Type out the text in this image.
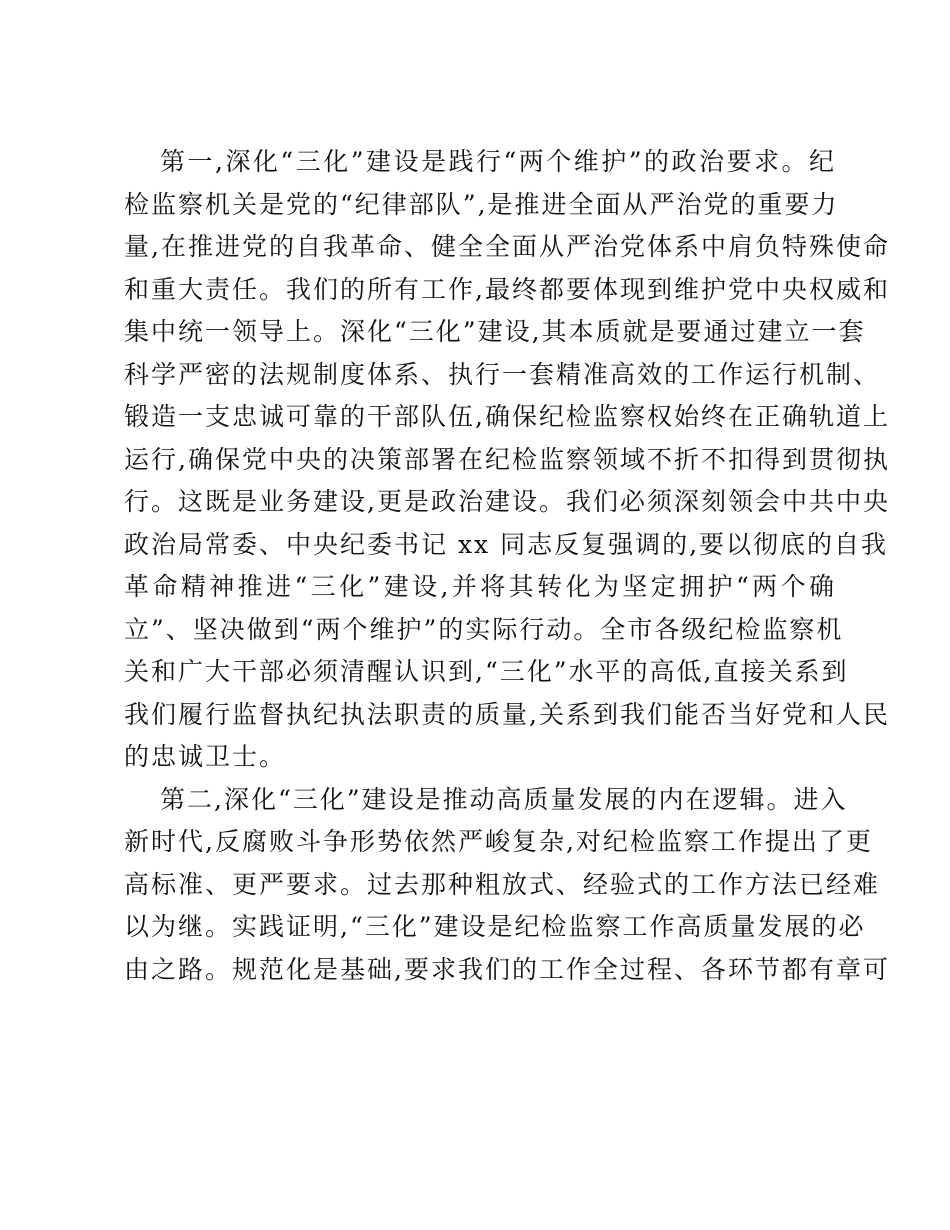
第一,深化“三化”建设是践行“两个维护”的政治要求。纪
检监察机关是党的“纪律部队”,是推进全面从严治党的重要力
量,在推进党的自我革命、健全全面从严治党体系中肩负特殊使命
和重大责任。我们的所有工作,最终都要体现到维护党中央权威和
集中统一领导上。深化“三化”建设,其本质就是要通过建立一套
科学严密的法规制度体系、执行一套精准高效的工作运行机制、
锻造一支忠诚可靠的干部队伍,确保纪检监察权始终在正确轨道上
运行,确保党中央的决策部署在纪检监察领域不折不扣得到贯彻执
行。这既是业务建设,更是政治建设。我们必须深刻领会中共中央
政治局常委、中央纪委书记 xx 同志反复强调的,要以彻底的自我
革命精神推进“三化”建设,并将其转化为坚定拥护“两个确
立”、坚决做到“两个维护”的实际行动。全市各级纪检监察机
关和广大干部必须清醒认识到,“三化”水平的高低,直接关系到
我们履行监督执纪执法职责的质量,关系到我们能否当好党和人民
的忠诚卫士。
第二,深化“三化”建设是推动高质量发展的内在逻辑。进入
新时代,反腐败斗争形势依然严峻复杂,对纪检监察工作提出了更
高标准、更严要求。过去那种粗放式、经验式的工作方法已经难
以为继。实践证明,“三化”建设是纪检监察工作高质量发展的必
由之路。规范化是基础,要求我们的工作全过程、各环节都有章可
